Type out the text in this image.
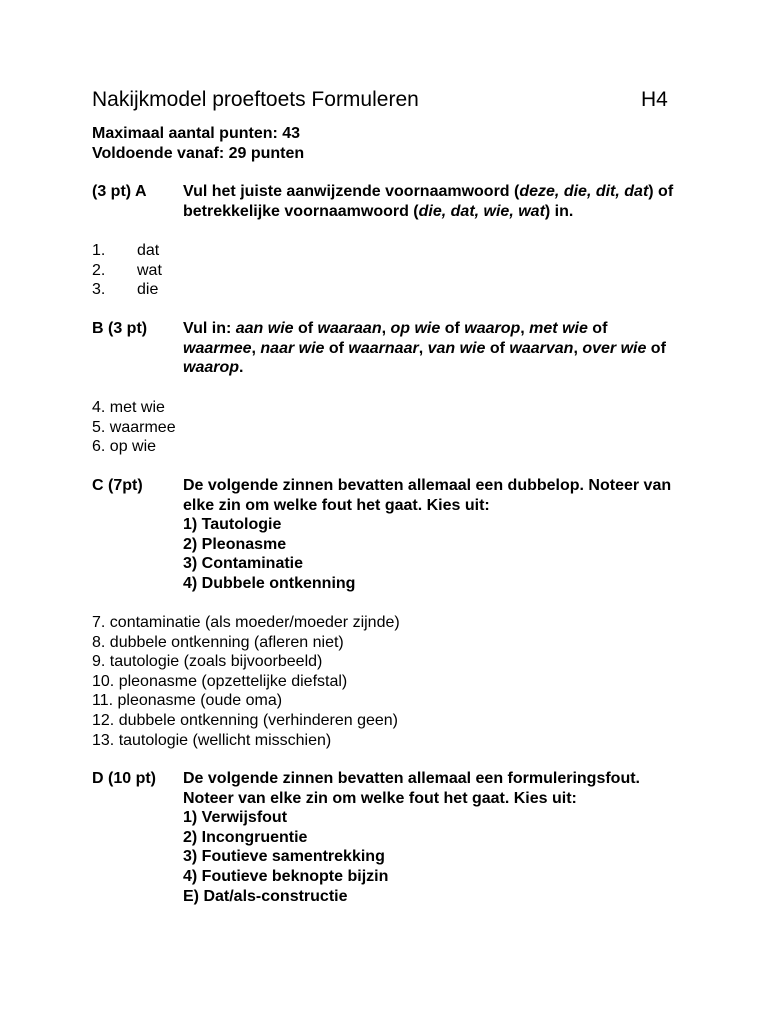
Nakijkmodel proeftoets Formuleren	H4
Maximaal aantal punten: 43
Voldoende vanaf: 29 punten
(3 pt) A Vul het juiste aanwijzende voornaamwoord (deze, die, dit, dat) of betrekkelijke voornaamwoord (die, dat, wie, wat) in.
1. dat
2. wat
3. die
B (3 pt) Vul in: aan wie of waaraan, op wie of waarop, met wie of waarmee, naar wie of waarnaar, van wie of waarvan, over wie of waarop.
4. met wie
5. waarmee
6. op wie
C (7pt)	De volgende zinnen bevatten allemaal een dubbelop. Noteer van elke zin om welke fout het gaat. Kies uit:
1) Tautologie
2) Pleonasme
3) Contaminatie
4) Dubbele ontkenning
7. contaminatie (als moeder/moeder zijnde)
8. dubbele ontkenning (afleren niet)
9. tautologie (zoals bijvoorbeeld)
10. pleonasme (opzettelijke diefstal)
11. pleonasme (oude oma)
12. dubbele ontkenning (verhinderen geen)
13. tautologie (wellicht misschien)
D (10 pt) De volgende zinnen bevatten allemaal een formuleringsfout. Noteer van elke zin om welke fout het gaat. Kies uit:
1) Verwijsfout
2) Incongruentie
3) Foutieve samentrekking
4) Foutieve beknopte bijzin
E) Dat/als-constructie
